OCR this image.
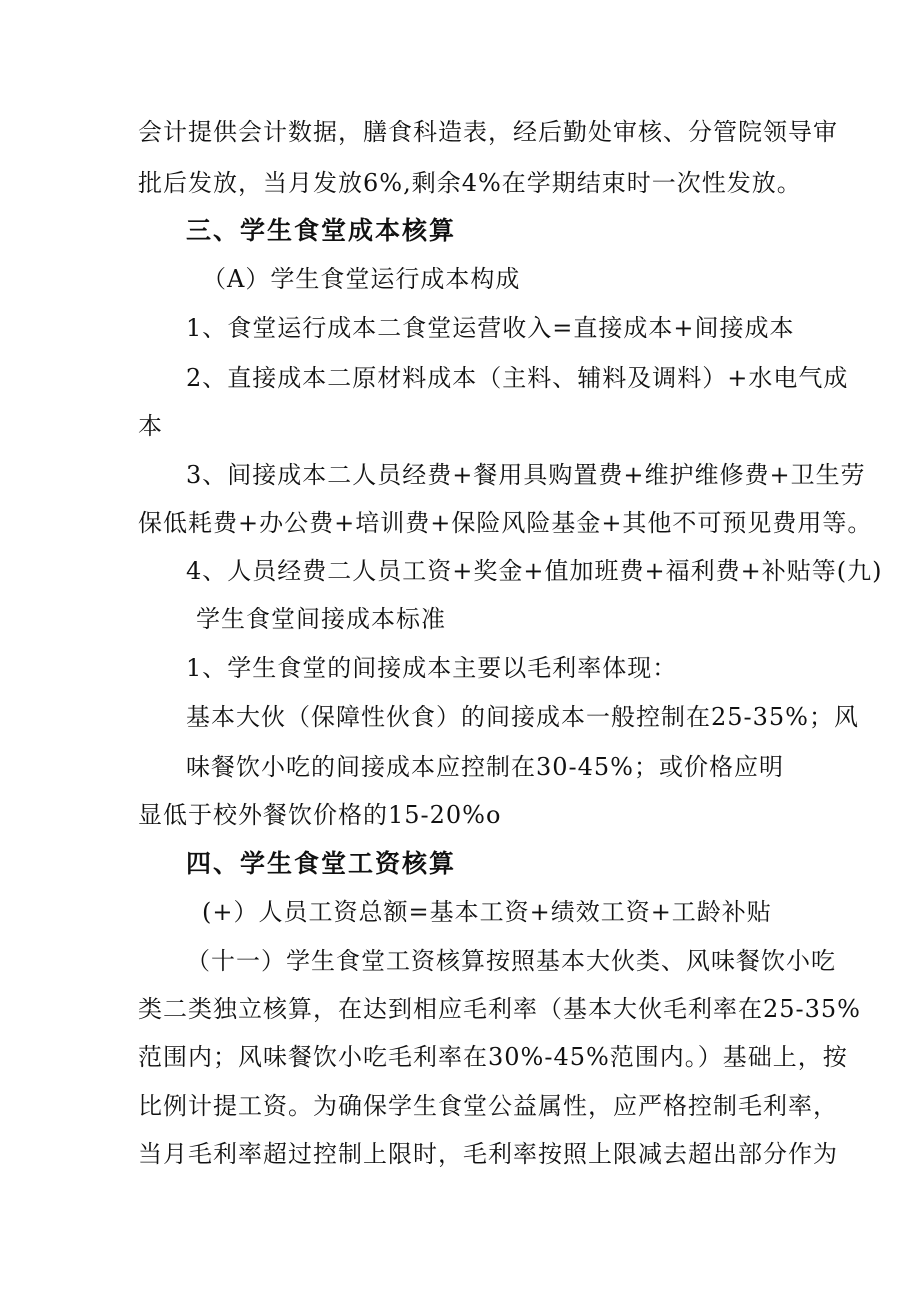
会计提供会计数据，膳食科造表，经后勤处审核、分管院领导审
批后发放，当月发放6%,剩余4%在学期结束时一次性发放。
三、学生食堂成本核算
（A）学生食堂运行成本构成
1、食堂运行成本二食堂运营收入=直接成本+间接成本
2、直接成本二原材料成本（主料、辅料及调料）+水电气成
本
3、间接成本二人员经费+餐用具购置费+维护维修费+卫生劳
保低耗费+办公费+培训费+保险风险基金+其他不可预见费用等。
4、人员经费二人员工资+奖金+值加班费+福利费+补贴等(九)
学生食堂间接成本标准
1、学生食堂的间接成本主要以毛利率体现：
基本大伙（保障性伙食）的间接成本一般控制在25-35%；风
味餐饮小吃的间接成本应控制在30-45%；或价格应明
显低于校外餐饮价格的15-20%o
四、学生食堂工资核算
(+）人员工资总额=基本工资+绩效工资+工龄补贴
（十一）学生食堂工资核算按照基本大伙类、风味餐饮小吃
类二类独立核算，在达到相应毛利率（基本大伙毛利率在25-35%
范围内；风味餐饮小吃毛利率在30%-45%范围内。）基础上，按
比例计提工资。为确保学生食堂公益属性，应严格控制毛利率，
当月毛利率超过控制上限时，毛利率按照上限减去超出部分作为
